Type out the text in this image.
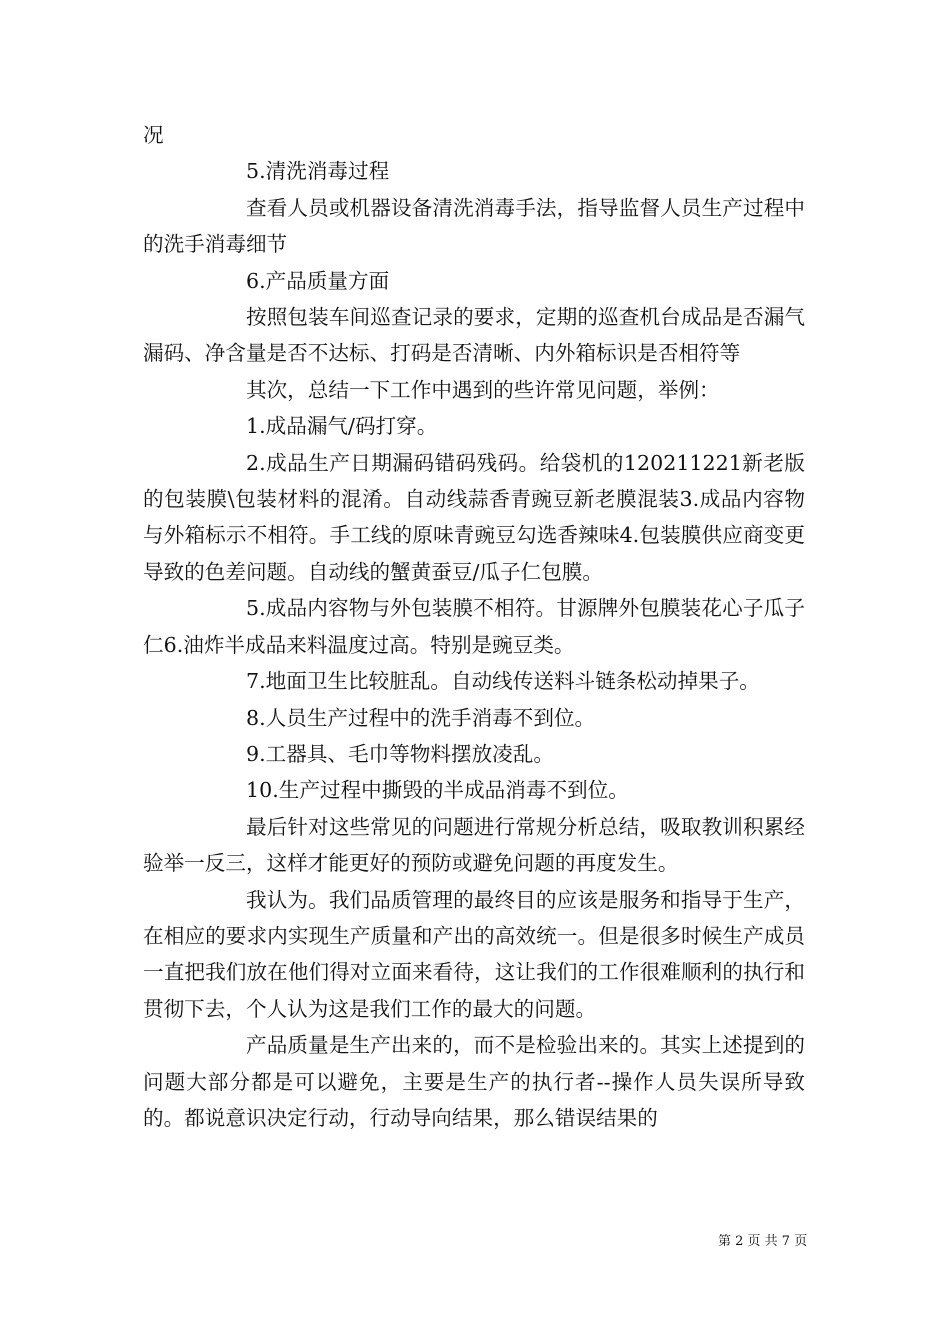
况

5.清洗消毒过程

查看人员或机器设备清洗消毒手法，指导监督人员生产过程中的洗手消毒细节

6.产品质量方面

按照包装车间巡查记录的要求，定期的巡查机台成品是否漏气漏码、净含量是否不达标、打码是否清晰、内外箱标识是否相符等

其次，总结一下工作中遇到的些许常见问题，举例：

1.成品漏气/码打穿。

2.成品生产日期漏码错码残码。给袋机的120211221新老版的包装膜\包装材料的混淆。自动线蒜香青豌豆新老膜混装3.成品内容物与外箱标示不相符。手工线的原味青豌豆勾选香辣味4.包装膜供应商变更导致的色差问题。自动线的蟹黄蚕豆/瓜子仁包膜。

5.成品内容物与外包装膜不相符。甘源牌外包膜装花心子瓜子仁6.油炸半成品来料温度过高。特别是豌豆类。

7.地面卫生比较脏乱。自动线传送料斗链条松动掉果子。

8.人员生产过程中的洗手消毒不到位。

9.工器具、毛巾等物料摆放凌乱。

10.生产过程中撕毁的半成品消毒不到位。

最后针对这些常见的问题进行常规分析总结，吸取教训积累经验举一反三，这样才能更好的预防或避免问题的再度发生。

我认为。我们品质管理的最终目的应该是服务和指导于生产，在相应的要求内实现生产质量和产出的高效统一。但是很多时候生产成员一直把我们放在他们得对立面来看待，这让我们的工作很难顺利的执行和贯彻下去，个人认为这是我们工作的最大的问题。

产品质量是生产出来的，而不是检验出来的。其实上述提到的问题大部分都是可以避免，主要是生产的执行者--操作人员失误所导致的。都说意识决定行动，行动导向结果，那么错误结果的

第 2 页 共 7 页
